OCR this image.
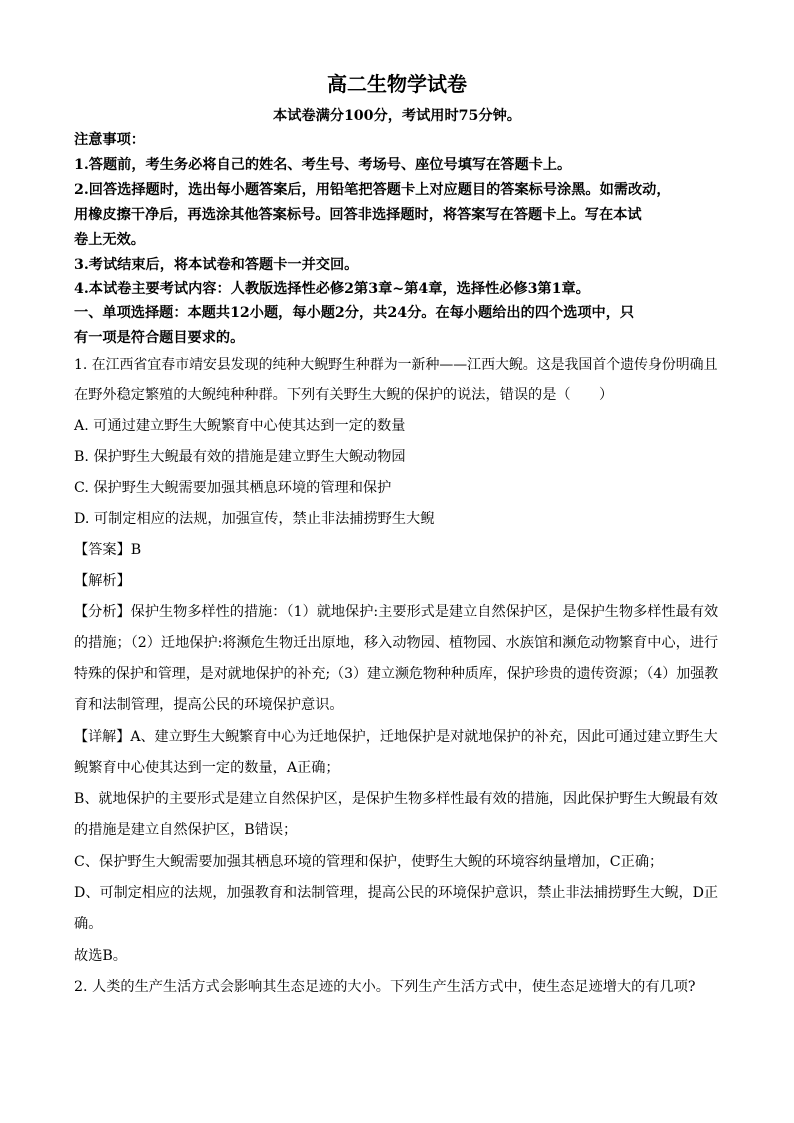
高二生物学试卷
本试卷满分100分，考试用时75分钟。
注意事项：
1.答题前，考生务必将自己的姓名、考生号、考场号、座位号填写在答题卡上。
2.回答选择题时，选出每小题答案后，用铅笔把答题卡上对应题目的答案标号涂黑。如需改动，
用橡皮擦干净后，再选涂其他答案标号。回答非选择题时，将答案写在答题卡上。写在本试
卷上无效。
3.考试结束后，将本试卷和答题卡一并交回。
4.本试卷主要考试内容：人教版选择性必修2第3章~第4章，选择性必修3第1章。
一、单项选择题：本题共12小题，每小题2分，共24分。在每小题给出的四个选项中，只
有一项是符合题目要求的。
1. 在江西省宜春市靖安县发现的纯种大鲵野生种群为一新种——江西大鲵。这是我国首个遗传身份明确且
在野外稳定繁殖的大鲵纯种种群。下列有关野生大鲵的保护的说法，错误的是（　　）
A. 可通过建立野生大鲵繁育中心使其达到一定的数量
B. 保护野生大鲵最有效的措施是建立野生大鲵动物园
C. 保护野生大鲵需要加强其栖息环境的管理和保护
D. 可制定相应的法规，加强宣传，禁止非法捕捞野生大鲵
【答案】B
【解析】
【分析】保护生物多样性的措施：（1）就地保护:主要形式是建立自然保护区，是保护生物多样性最有效
的措施；（2）迁地保护:将濒危生物迁出原地，移入动物园、植物园、水族馆和濒危动物繁育中心，进行
特殊的保护和管理，是对就地保护的补充;（3）建立濒危物种种质库，保护珍贵的遗传资源；（4）加强教
育和法制管理，提高公民的环境保护意识。
【详解】A、建立野生大鲵繁育中心为迁地保护，迁地保护是对就地保护的补充，因此可通过建立野生大
鲵繁育中心使其达到一定的数量，A正确；
B、就地保护的主要形式是建立自然保护区，是保护生物多样性最有效的措施，因此保护野生大鲵最有效
的措施是建立自然保护区，B错误；
C、保护野生大鲵需要加强其栖息环境的管理和保护，使野生大鲵的环境容纳量增加，C正确；
D、可制定相应的法规，加强教育和法制管理，提高公民的环境保护意识，禁止非法捕捞野生大鲵，D正
确。
故选B。
2. 人类的生产生活方式会影响其生态足迹的大小。下列生产生活方式中，使生态足迹增大的有几项?
